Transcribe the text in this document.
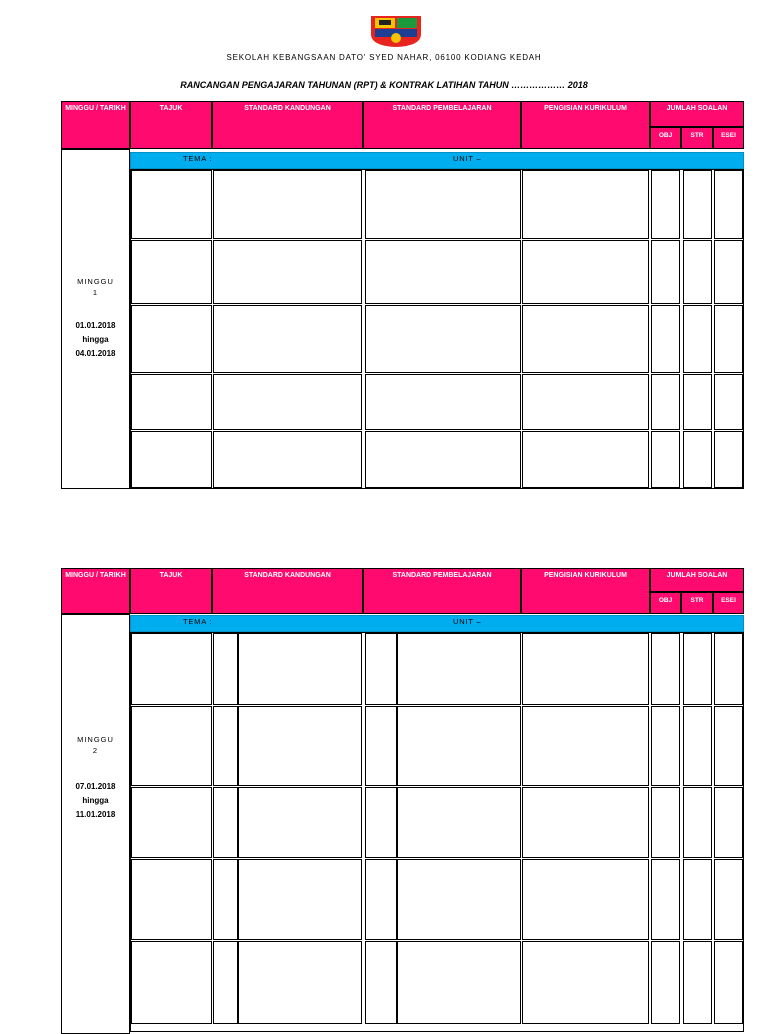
SEKOLAH KEBANGSAAN DATO' SYED NAHAR, 06100 KODIANG KEDAH
RANCANGAN PENGAJARAN TAHUNAN (RPT) & KONTRAK LATIHAN TAHUN ……………… 2018
MINGGU / TARIKH	TAJUK	STANDARD KANDUNGAN	STANDARD PEMBELAJARAN	PENGISIAN KURIKULUM	JUMLAH SOALAN
OBJ	STR	ESEI
MINGGU
1
01.01.2018
hingga
04.01.2018
TEMA :	UNIT –
MINGGU / TARIKH	TAJUK	STANDARD KANDUNGAN	STANDARD PEMBELAJARAN	PENGISIAN KURIKULUM	JUMLAH SOALAN
OBJ	STR	ESEI
MINGGU
2
07.01.2018
hingga
11.01.2018
TEMA :	UNIT –
